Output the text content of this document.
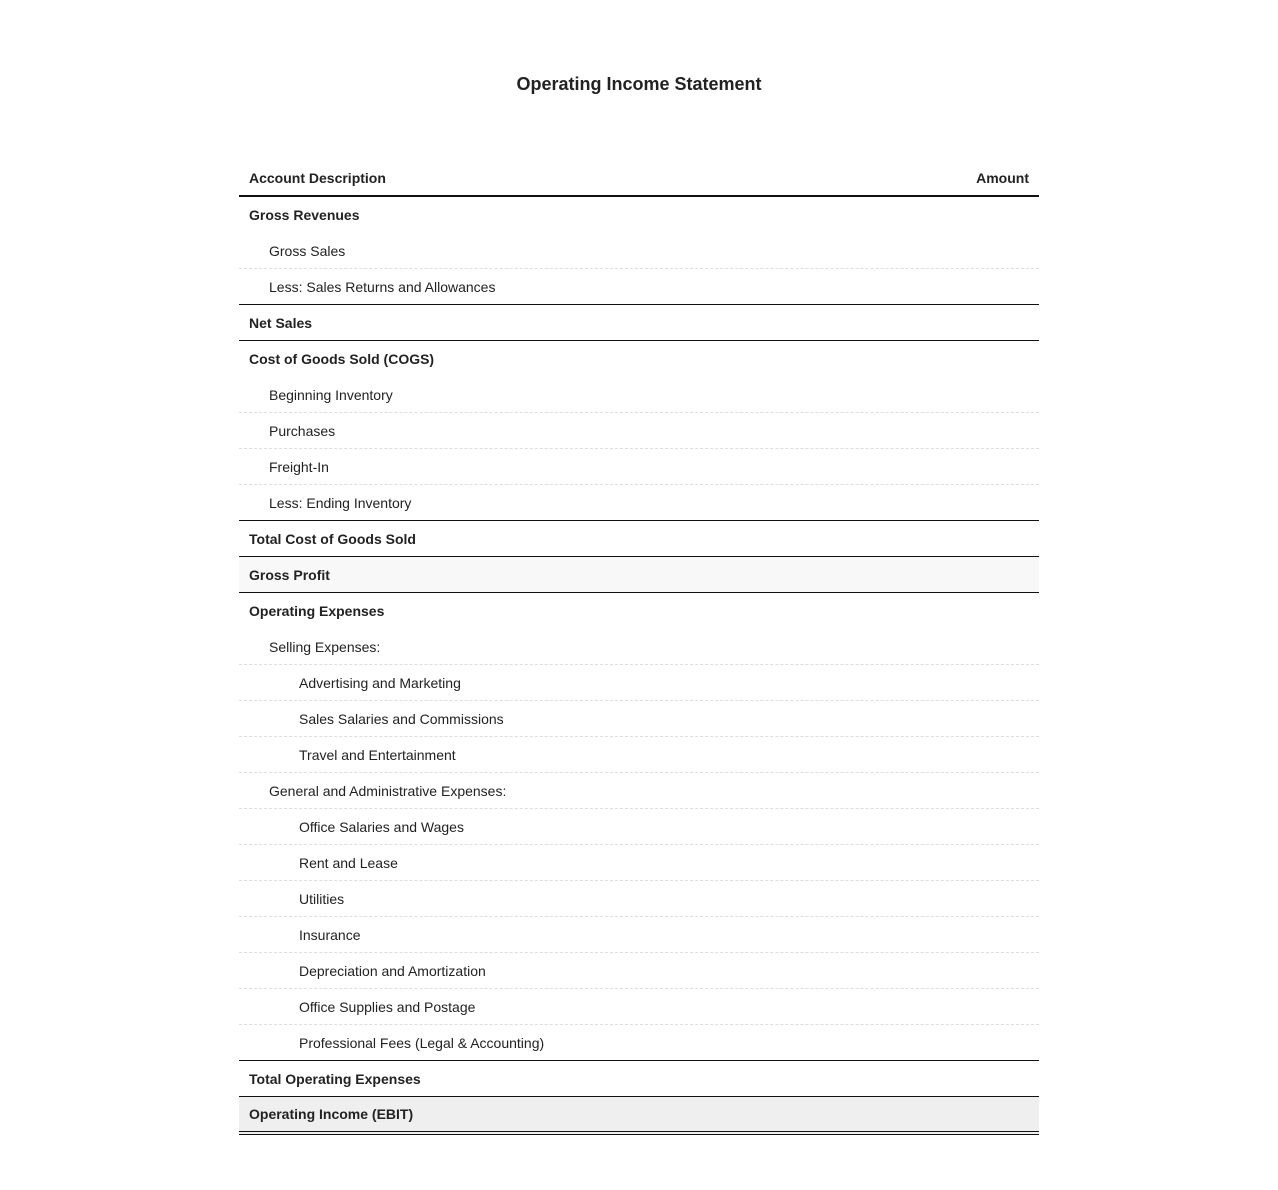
Operating Income Statement
Account Description	Amount
Gross Revenues
Gross Sales
Less: Sales Returns and Allowances
Net Sales
Cost of Goods Sold (COGS)
Beginning Inventory
Purchases
Freight-In
Less: Ending Inventory
Total Cost of Goods Sold
Gross Profit
Operating Expenses
Selling Expenses:
Advertising and Marketing
Sales Salaries and Commissions
Travel and Entertainment
General and Administrative Expenses:
Office Salaries and Wages
Rent and Lease
Utilities
Insurance
Depreciation and Amortization
Office Supplies and Postage
Professional Fees (Legal & Accounting)
Total Operating Expenses
Operating Income (EBIT)
